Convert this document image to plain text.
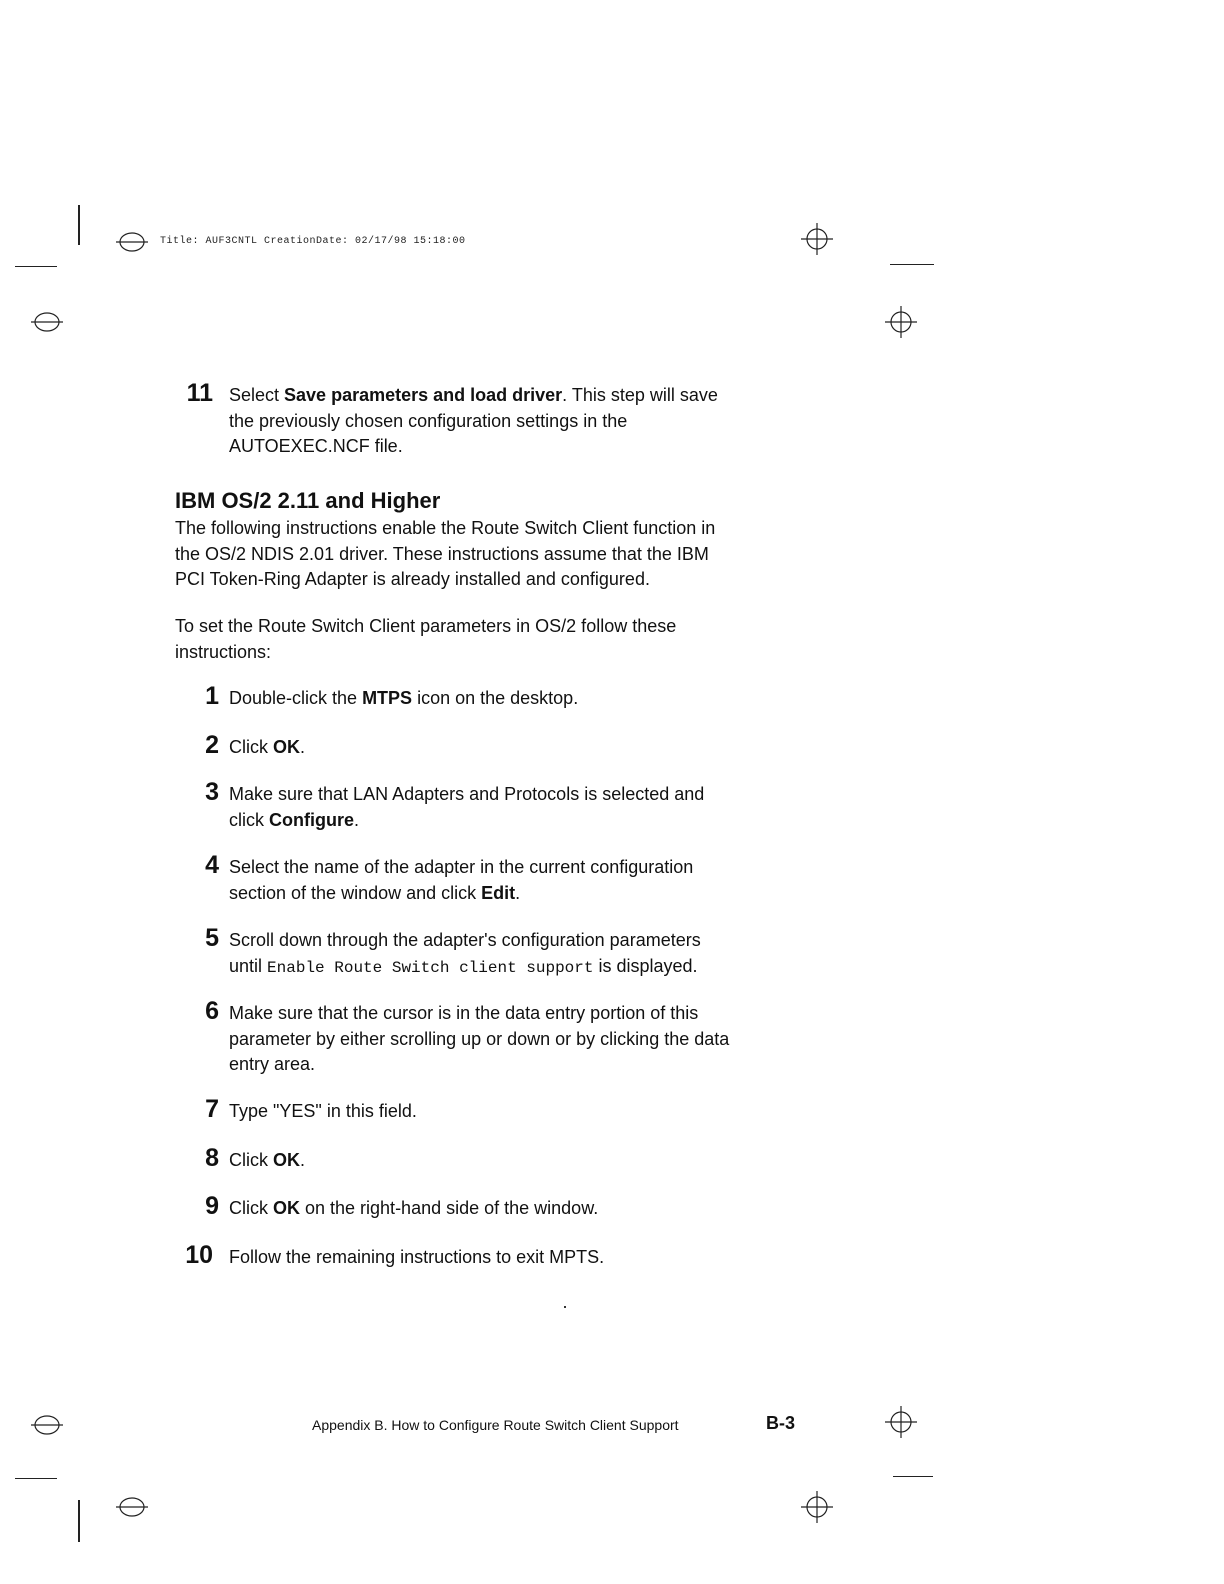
Title: AUF3CNTL CreationDate: 02/17/98 15:18:00
11 Select Save parameters and load driver. This step will save
the previously chosen configuration settings in the
AUTOEXEC.NCF file.
IBM OS/2 2.11 and Higher
The following instructions enable the Route Switch Client function in
the OS/2 NDIS 2.01 driver. These instructions assume that the IBM
PCI Token-Ring Adapter is already installed and configured.
To set the Route Switch Client parameters in OS/2 follow these
instructions:
1 Double-click the MTPS icon on the desktop.
2 Click OK.
3 Make sure that LAN Adapters and Protocols is selected and
click Configure.
4 Select the name of the adapter in the current configuration
section of the window and click Edit.
5 Scroll down through the adapter's configuration parameters
until Enable Route Switch client support is displayed.
6 Make sure that the cursor is in the data entry portion of this
parameter by either scrolling up or down or by clicking the data
entry area.
7 Type "YES" in this field.
8 Click OK.
9 Click OK on the right-hand side of the window.
10 Follow the remaining instructions to exit MPTS.
Appendix B. How to Configure Route Switch Client Support	B-3
